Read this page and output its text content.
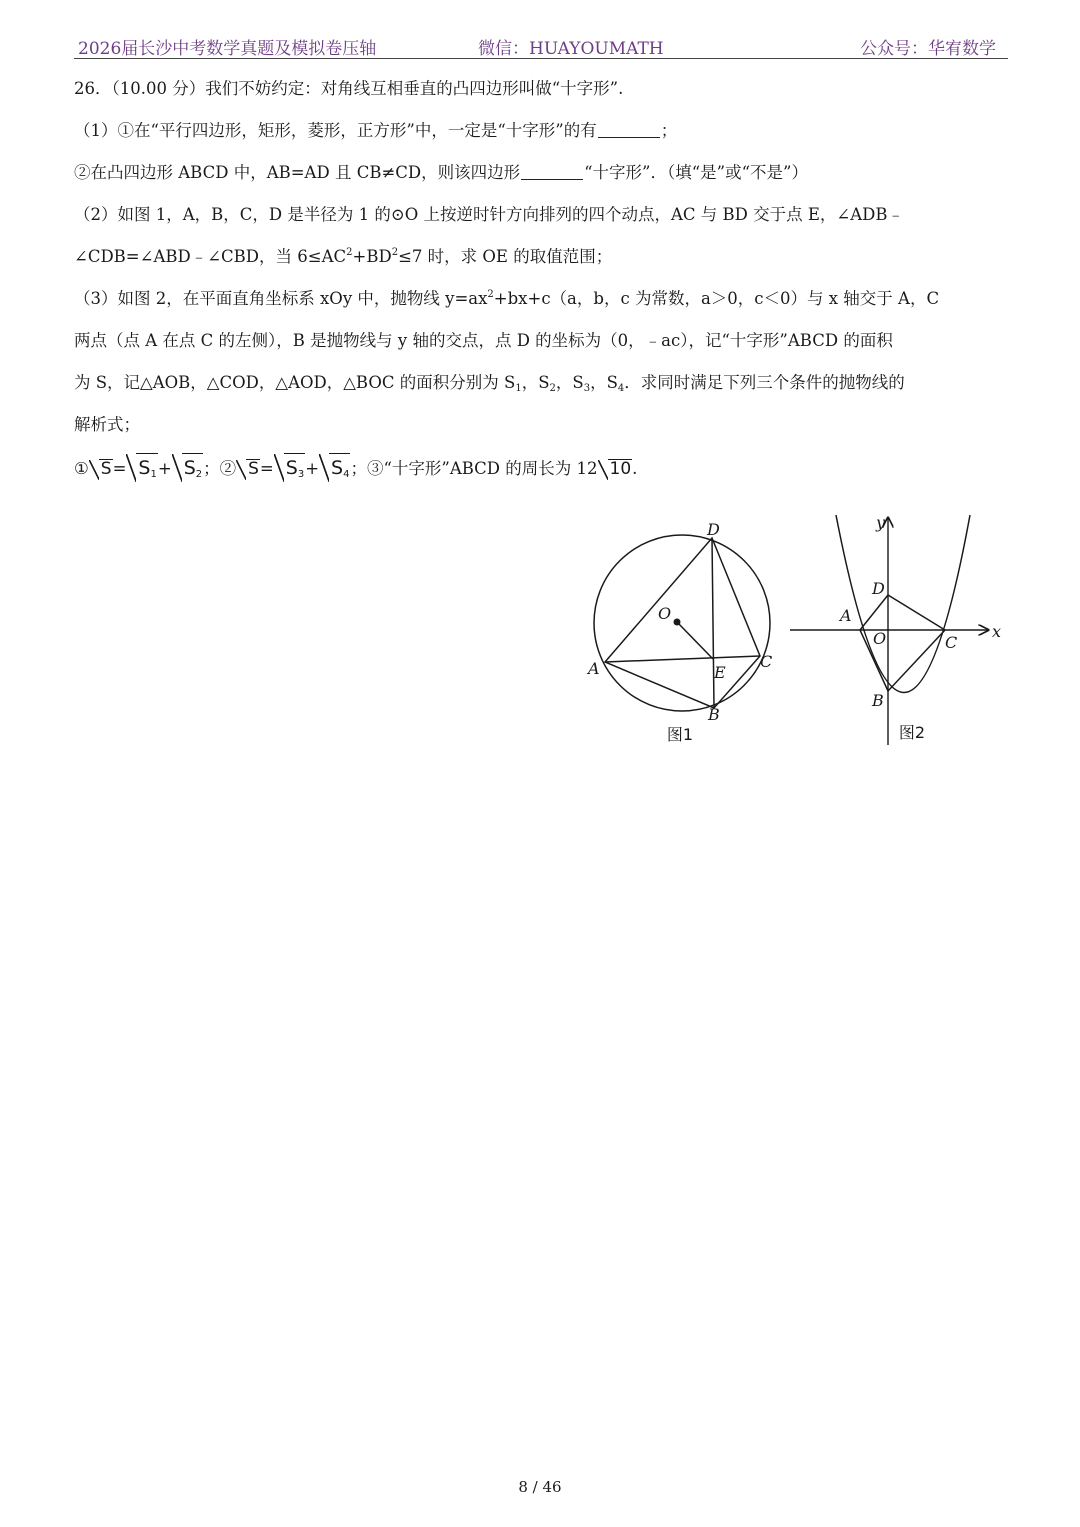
2026届长沙中考数学真题及模拟卷压轴	微信：HUAYOUMATH	公众号：华宥数学
26．（10.00 分）我们不妨约定：对角线互相垂直的凸四边形叫做“十字形”.
（1）①在“平行四边形，矩形，菱形，正方形”中，一定是“十字形”的有	；
②在凸四边形 ABCD 中，AB=AD 且 CB≠CD，则该四边形	“十字形”．（填“是”或“不是”）
（2）如图 1，A，B，C，D 是半径为 1 的⊙O 上按逆时针方向排列的四个动点，AC 与 BD 交于点 E，∠ADB﹣
∠CDB=∠ABD﹣∠CBD，当 $6\le AC^2+BD^2\le 7$ 时，求 OE 的取值范围；
（3）如图 2，在平面直角坐标系 xOy 中，抛物线 $y=ax^2+bx+c(a$，b，c 为常数，a＞0，c＜0）与 x 轴交于 A，C
两点（点 A 在点 C 的左侧），B 是抛物线与 y 轴的交点，点 D 的坐标为（0，﹣ac），记“十字形”ABCD 的面积
为 S，记△AOB，△COD，△AOD，△BOC 的面积分别为 $S_1$，$S_2$，$S_3$，$S_4$．求同时满足下列三个条件的抛物线的
解析式；
① $S= S_1+ S_2$；② $S= S_3+ S_4$；③“十字形”ABCD 的周长为 12 10.
D
O
A	C
E
B
图1
y
x
D
A
O	C
B
图2
8 / 46
